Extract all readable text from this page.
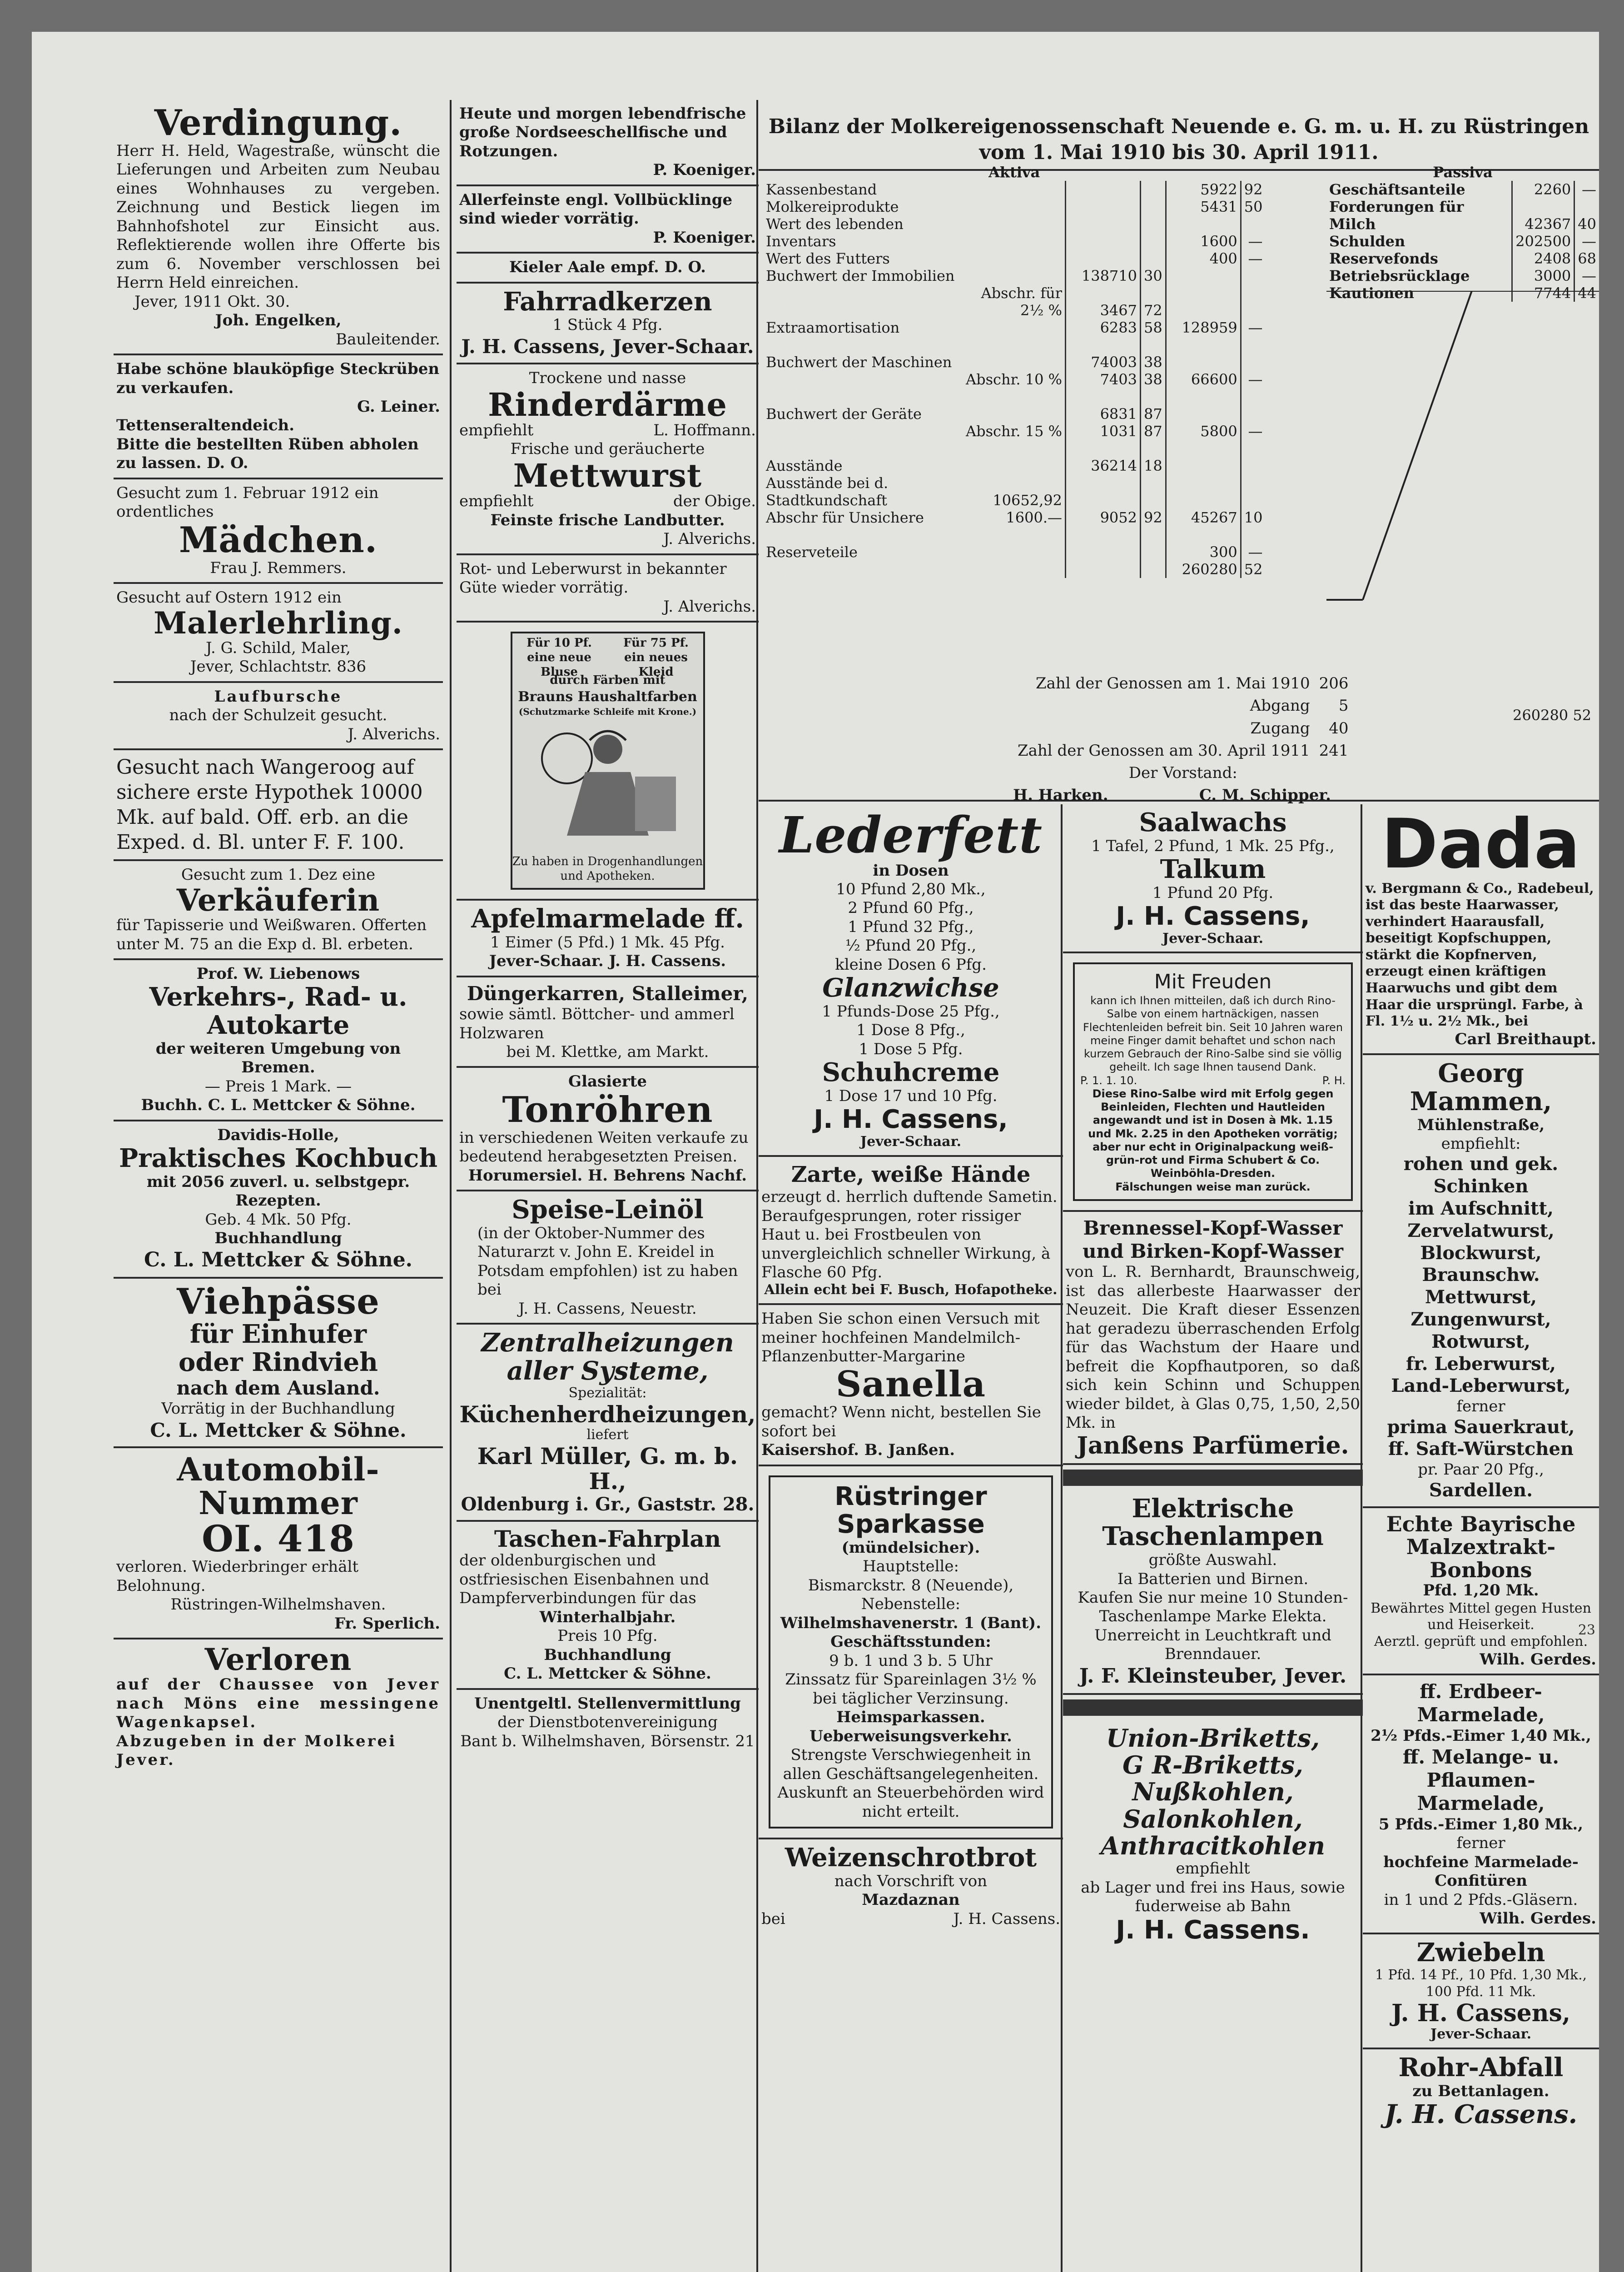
Verdingung.

Herr H. Held, Wagestraße, wünscht die Lieferungen und Arbeiten zum Neubau eines Wohnhauses zu vergeben. Zeichnung und Bestick liegen im Bahnhofshotel zur Einsicht aus. Reflektierende wollen ihre Offerte bis zum 6. November verschlossen bei Herrn Held einreichen.

Jever, 1911 Okt. 30.

Joh. Engelken,

Bauleitender.

Habe schöne blauköpfige Steckrüben zu verkaufen.

G. Leiner.

Tettenseraltendeich.

Bitte die bestellten Rüben abholen zu lassen. D. O.

Gesucht zum 1. Februar 1912 ein ordentliches

Mädchen.

Frau J. Remmers.

Gesucht auf Ostern 1912 ein

Malerlehrling.

J. G. Schild, Maler,

Jever, Schlachtstr. 836

Laufbursche

nach der Schulzeit gesucht.

J. Alverichs.

Gesucht nach Wangeroog auf sichere erste Hypothek 10000 Mk. auf bald. Off. erb. an die Exped. d. Bl. unter F. F. 100.

Gesucht zum 1. Dez eine

Verkäuferin

für Tapisserie und Weißwaren. Offerten unter M. 75 an die Exp d. Bl. erbeten.

Prof. W. Liebenows

Verkehrs-, Rad- u. Autokarte

der weiteren Umgebung von Bremen.

— Preis 1 Mark. —

Buchh. C. L. Mettcker & Söhne.

Davidis-Holle,

Praktisches Kochbuch

mit 2056 zuverl. u. selbstgepr. Rezepten.

Geb. 4 Mk. 50 Pfg.

Buchhandlung

C. L. Mettcker & Söhne.

Viehpässe
für Einhufer
oder Rindvieh

nach dem Ausland.

Vorrätig in der Buchhandlung

C. L. Mettcker & Söhne.

Automobil-Nummer
OI. 418

verloren. Wiederbringer erhält Belohnung.

Rüstringen-Wilhelmshaven.

Fr. Sperlich.

Verloren

auf der Chaussee von Jever nach Möns eine messingene Wagenkapsel.

Abzugeben in der Molkerei Jever.

Heute und morgen lebendfrische große Nordseeschellfische und Rotzungen.

P. Koeniger.

Allerfeinste engl. Vollbücklinge sind wieder vorrätig.

P. Koeniger.

Kieler Aale empf. D. O.

Fahrradkerzen

1 Stück 4 Pfg.

J. H. Cassens, Jever-Schaar.

Trockene und nasse

Rinderdärme

empfiehlt	L. Hoffmann.

Frische und geräucherte

Mettwurst

empfiehlt	der Obige.

Feinste frische Landbutter.

J. Alverichs.

Rot- und Leberwurst in bekannter Güte wieder vorrätig.

J. Alverichs.

Für 10 Pf.
eine neue Bluse
Für 75 Pf.
ein neues Kleid
durch Färben mit
Brauns Haushaltfarben
(Schutzmarke Schleife mit Krone.)
Zu haben in Drogenhandlungen und Apotheken.
Apfelmarmelade ff.

1 Eimer (5 Pfd.) 1 Mk. 45 Pfg.

Jever-Schaar. J. H. Cassens.

Düngerkarren, Stalleimer,

sowie sämtl. Böttcher- und ammerl Holzwaren

bei M. Klettke, am Markt.

Glasierte

Tonröhren

in verschiedenen Weiten verkaufe zu bedeutend herabgesetzten Preisen.

Horumersiel. H. Behrens Nachf.

Speise-Leinöl

(in der Oktober-Nummer des Naturarzt v. John E. Kreidel in Potsdam empfohlen) ist zu haben bei

J. H. Cassens, Neuestr.

Zentralheizungen
aller Systeme,

Spezialität:

Küchenherdheizungen,

liefert

Karl Müller, G. m. b. H.,

Oldenburg i. Gr., Gaststr. 28.

Taschen-Fahrplan

der oldenburgischen und ostfriesischen Eisenbahnen und Dampferverbindungen für das

Winterhalbjahr.

Preis 10 Pfg.

Buchhandlung

C. L. Mettcker & Söhne.

Unentgeltl. Stellenvermittlung

der Dienstbotenvereinigung

Bant b. Wilhelmshaven, Börsenstr. 21

Bilanz der Molkereigenossenschaft Neuende e. G. m. u. H. zu Rüstringen
vom 1. Mai 1910 bis 30. April 1911.
Aktiva					
Kassenbestand				5922	92
Molkereiprodukte				5431	50
Wert des lebenden Inventars				1600	—
Wert des Futters				400	—
Buchwert der Immobilien		138710	30		
	Abschr. für 2½ %	3467	72		
Extraamortisation		6283	58	128959	—

Buchwert der Maschinen		74003	38		
	Abschr. 10 %	7403	38	66600	—

Buchwert der Geräte		6831	87		
	Abschr. 15 %	1031	87	5800	—

Ausstände		36214	18		
Ausstände bei d. Stadtkundschaft	10652,92				
Abschr für Unsichere	1600.—	9052	92	45267	10

Reserveteile				300	—
				260280	52
Passiva		
Geschäftsanteile	2260	—
Forderungen für Milch	42367	40
Schulden	202500	—
Reservefonds	2408	68
Betriebsrücklage	3000	—
Kautionen	7744	44
260280 52
Zahl der Genossen am 1. Mai 1910	206
Abgang	5
Zugang	40
Zahl der Genossen am 30. April 1911	241
Der Vorstand:
H. Harken.	C. M. Schipper.
Lederfett

in Dosen

10 Pfund 2,80 Mk.,
2 Pfund 60 Pfg.,
1 Pfund 32 Pfg.,
½ Pfund 20 Pfg.,
kleine Dosen 6 Pfg.
Glanzwichse
1 Pfunds-Dose 25 Pfg.,
1 Dose 8 Pfg.,
1 Dose 5 Pfg.
Schuhcreme

1 Dose 17 und 10 Pfg.

J. H. Cassens,

Jever-Schaar.

Zarte, weiße Hände

erzeugt d. herrlich duftende Sametin. Beraufgesprungen, roter rissiger Haut u. bei Frostbeulen von unvergleichlich schneller Wirkung, à Flasche 60 Pfg.

Allein echt bei F. Busch, Hofapotheke.

Haben Sie schon einen Versuch mit meiner hochfeinen Mandelmilch-Pflanzenbutter-Margarine

Sanella

gemacht? Wenn nicht, bestellen Sie sofort bei

Kaisershof. B. Janßen.

Rüstringer Sparkasse

(mündelsicher).

Hauptstelle:

Bismarckstr. 8 (Neuende),

Nebenstelle:

Wilhelmshavenerstr. 1 (Bant).

Geschäftsstunden:

9 b. 1 und 3 b. 5 Uhr

Zinssatz für Spareinlagen 3½ % bei täglicher Verzinsung.

Heimsparkassen.

Ueberweisungsverkehr.

Strengste Verschwiegenheit in allen Geschäftsangelegenheiten.

Auskunft an Steuerbehörden wird nicht erteilt.

Weizenschrotbrot

nach Vorschrift von

Mazdaznan

bei	J. H. Cassens.

Saalwachs

1 Tafel, 2 Pfund, 1 Mk. 25 Pfg.,

Talkum

1 Pfund 20 Pfg.

J. H. Cassens,

Jever-Schaar.

Mit Freuden

kann ich Ihnen mitteilen, daß ich durch Rino-Salbe von einem hartnäckigen, nassen Flechtenleiden befreit bin. Seit 10 Jahren waren meine Finger damit behaftet und schon nach kurzem Gebrauch der Rino-Salbe sind sie völlig geheilt. Ich sage Ihnen tausend Dank.

P. 1. 1. 10.	P. H.

Diese Rino-Salbe wird mit Erfolg gegen Beinleiden, Flechten und Hautleiden angewandt und ist in Dosen à Mk. 1.15 und Mk. 2.25 in den Apotheken vorrätig; aber nur echt in Originalpackung weiß-grün-rot und Firma Schubert & Co. Weinböhla-Dresden.

Fälschungen weise man zurück.

Brennessel-Kopf-Wasser und Birken-Kopf-Wasser

von L. R. Bernhardt, Braunschweig, ist das allerbeste Haarwasser der Neuzeit. Die Kraft dieser Essenzen hat geradezu überraschenden Erfolg für das Wachstum der Haare und befreit die Kopfhautporen, so daß sich kein Schinn und Schuppen wieder bildet, à Glas 0,75, 1,50, 2,50 Mk. in

Janßens Parfümerie.
Elektrische Taschenlampen

größte Auswahl.

Ia Batterien und Birnen.

Kaufen Sie nur meine 10 Stunden-Taschenlampe Marke Elekta.

Unerreicht in Leuchtkraft und Brenndauer.

J. F. Kleinsteuber, Jever.

Union-Briketts,
G R-Briketts,
Nußkohlen,
Salonkohlen,
Anthracitkohlen

empfiehlt

ab Lager und frei ins Haus, sowie fuderweise ab Bahn

J. H. Cassens.
Dada

v. Bergmann & Co., Radebeul, ist das beste Haarwasser, verhindert Haarausfall, beseitigt Kopfschuppen, stärkt die Kopfnerven, erzeugt einen kräftigen Haarwuchs und gibt dem Haar die ursprüngl. Farbe, à Fl. 1½ u. 2½ Mk., bei

Carl Breithaupt.

Georg Mammen,

Mühlenstraße,

empfiehlt:

rohen und gek. Schinken
im Aufschnitt,
Zervelatwurst,
Blockwurst,
Braunschw. Mettwurst,
Zungenwurst,
Rotwurst,
fr. Leberwurst,
Land-Leberwurst,

ferner

prima Sauerkraut,

ff. Saft-Würstchen

pr. Paar 20 Pfg.,

Sardellen.

Echte Bayrische Malzextrakt-Bonbons

Pfd. 1,20 Mk.

Bewährtes Mittel gegen Husten und Heiserkeit.

Aerztl. geprüft und empfohlen.

Wilh. Gerdes.

ff. Erdbeer-Marmelade,

2½ Pfds.-Eimer 1,40 Mk.,

ff. Melange- u. Pflaumen-Marmelade,

5 Pfds.-Eimer 1,80 Mk.,

ferner

hochfeine Marmelade-Confitüren

in 1 und 2 Pfds.-Gläsern.

Wilh. Gerdes.

Zwiebeln

1 Pfd. 14 Pf., 10 Pfd. 1,30 Mk., 100 Pfd. 11 Mk.

J. H. Cassens,

Jever-Schaar.

Rohr-Abfall

zu Bettanlagen.

J. H. Cassens.
23
